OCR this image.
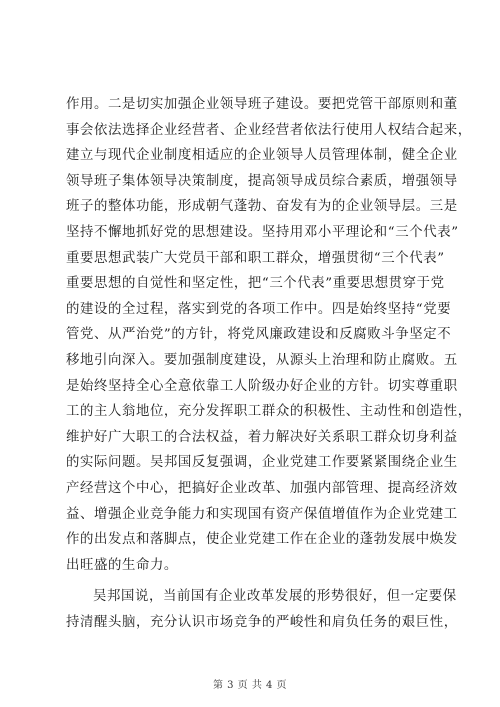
作用。二是切实加强企业领导班子建设。要把党管干部原则和董
事会依法选择企业经营者、企业经营者依法行使用人权结合起来，
建立与现代企业制度相适应的企业领导人员管理体制，健全企业
领导班子集体领导决策制度，提高领导成员综合素质，增强领导
班子的整体功能，形成朝气蓬勃、奋发有为的企业领导层。三是
坚持不懈地抓好党的思想建设。坚持用邓小平理论和“三个代表”
重要思想武装广大党员干部和职工群众，增强贯彻“三个代表”
重要思想的自觉性和坚定性，把“三个代表”重要思想贯穿于党
的建设的全过程，落实到党的各项工作中。四是始终坚持“党要
管党、从严治党”的方针，将党风廉政建设和反腐败斗争坚定不
移地引向深入。要加强制度建设，从源头上治理和防止腐败。五
是始终坚持全心全意依靠工人阶级办好企业的方针。切实尊重职
工的主人翁地位，充分发挥职工群众的积极性、主动性和创造性，
维护好广大职工的合法权益，着力解决好关系职工群众切身利益
的实际问题。吴邦国反复强调，企业党建工作要紧紧围绕企业生
产经营这个中心，把搞好企业改革、加强内部管理、提高经济效
益、增强企业竞争能力和实现国有资产保值增值作为企业党建工
作的出发点和落脚点，使企业党建工作在企业的蓬勃发展中焕发
出旺盛的生命力。
吴邦国说，当前国有企业改革发展的形势很好，但一定要保
持清醒头脑，充分认识市场竞争的严峻性和肩负任务的艰巨性，
第 3 页 共 4 页
